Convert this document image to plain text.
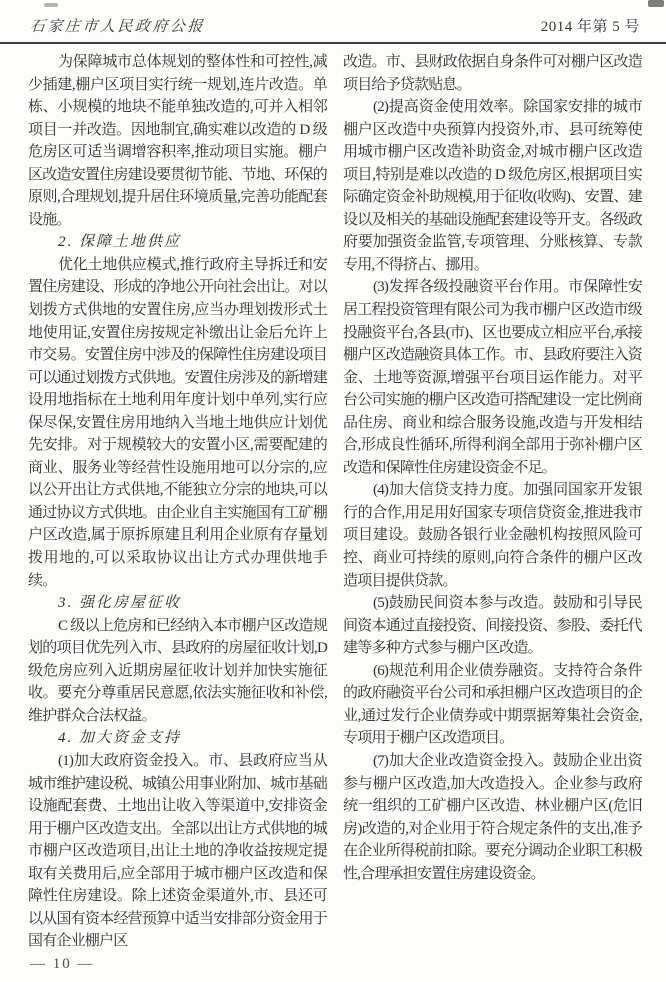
石家庄市人民政府公报	2014 年第 5 号

为保障城市总体规划的整体性和可控性,减少插建,棚户区项目实行统一规划,连片改造。单栋、小规模的地块不能单独改造的,可并入相邻项目一并改造。因地制宜,确实难以改造的 D 级危房区可适当调增容积率,推动项目实施。棚户区改造安置住房建设要贯彻节能、节地、环保的原则,合理规划,提升居住环境质量,完善功能配套设施。

2. 保障土地供应

优化土地供应模式,推行政府主导拆迁和安置住房建设、形成的净地公开向社会出让。对以划拨方式供地的安置住房,应当办理划拨形式土地使用证,安置住房按规定补缴出让金后允许上市交易。安置住房中涉及的保障性住房建设项目可以通过划拨方式供地。安置住房涉及的新增建设用地指标在土地利用年度计划中单列,实行应保尽保,安置住房用地纳入当地土地供应计划优先安排。对于规模较大的安置小区,需要配建的商业、服务业等经营性设施用地可以分宗的,应以公开出让方式供地,不能独立分宗的地块,可以通过协议方式供地。由企业自主实施国有工矿棚户区改造,属于原拆原建且利用企业原有存量划拨用地的,可以采取协议出让方式办理供地手续。

3. 强化房屋征收

C 级以上危房和已经纳入本市棚户区改造规划的项目优先列入市、县政府的房屋征收计划,D 级危房应列入近期房屋征收计划并加快实施征收。要充分尊重居民意愿,依法实施征收和补偿,维护群众合法权益。

4. 加大资金支持

(1)加大政府资金投入。市、县政府应当从城市维护建设税、城镇公用事业附加、城市基础设施配套费、土地出让收入等渠道中,安排资金用于棚户区改造支出。全部以出让方式供地的城市棚户区改造项目,出让土地的净收益按规定提取有关费用后,应全部用于城市棚户区改造和保障性住房建设。除上述资金渠道外,市、县还可以从国有资本经营预算中适当安排部分资金用于国有企业棚户区

改造。市、县财政依据自身条件可对棚户区改造项目给予贷款贴息。

(2)提高资金使用效率。除国家安排的城市棚户区改造中央预算内投资外,市、县可统筹使用城市棚户区改造补助资金,对城市棚户区改造项目,特别是难以改造的 D 级危房区,根据项目实际确定资金补助规模,用于征收(收购)、安置、建设以及相关的基础设施配套建设等开支。各级政府要加强资金监管,专项管理、分账核算、专款专用,不得挤占、挪用。

(3)发挥各级投融资平台作用。市保障性安居工程投资管理有限公司为我市棚户区改造市级投融资平台,各县(市)、区也要成立相应平台,承接棚户区改造融资具体工作。市、县政府要注入资金、土地等资源,增强平台项目运作能力。对平台公司实施的棚户区改造可搭配建设一定比例商品住房、商业和综合服务设施,改造与开发相结合,形成良性循环,所得利润全部用于弥补棚户区改造和保障性住房建设资金不足。

(4)加大信贷支持力度。加强同国家开发银行的合作,用足用好国家专项信贷资金,推进我市项目建设。鼓励各银行业金融机构按照风险可控、商业可持续的原则,向符合条件的棚户区改造项目提供贷款。

(5)鼓励民间资本参与改造。鼓励和引导民间资本通过直接投资、间接投资、参股、委托代建等多种方式参与棚户区改造。

(6)规范利用企业债券融资。支持符合条件的政府融资平台公司和承担棚户区改造项目的企业,通过发行企业债券或中期票据筹集社会资金,专项用于棚户区改造项目。

(7)加大企业改造资金投入。鼓励企业出资参与棚户区改造,加大改造投入。企业参与政府统一组织的工矿棚户区改造、林业棚户区(危旧房)改造的,对企业用于符合规定条件的支出,准予在企业所得税前扣除。要充分调动企业职工积极性,合理承担安置住房建设资金。

— 10 —
